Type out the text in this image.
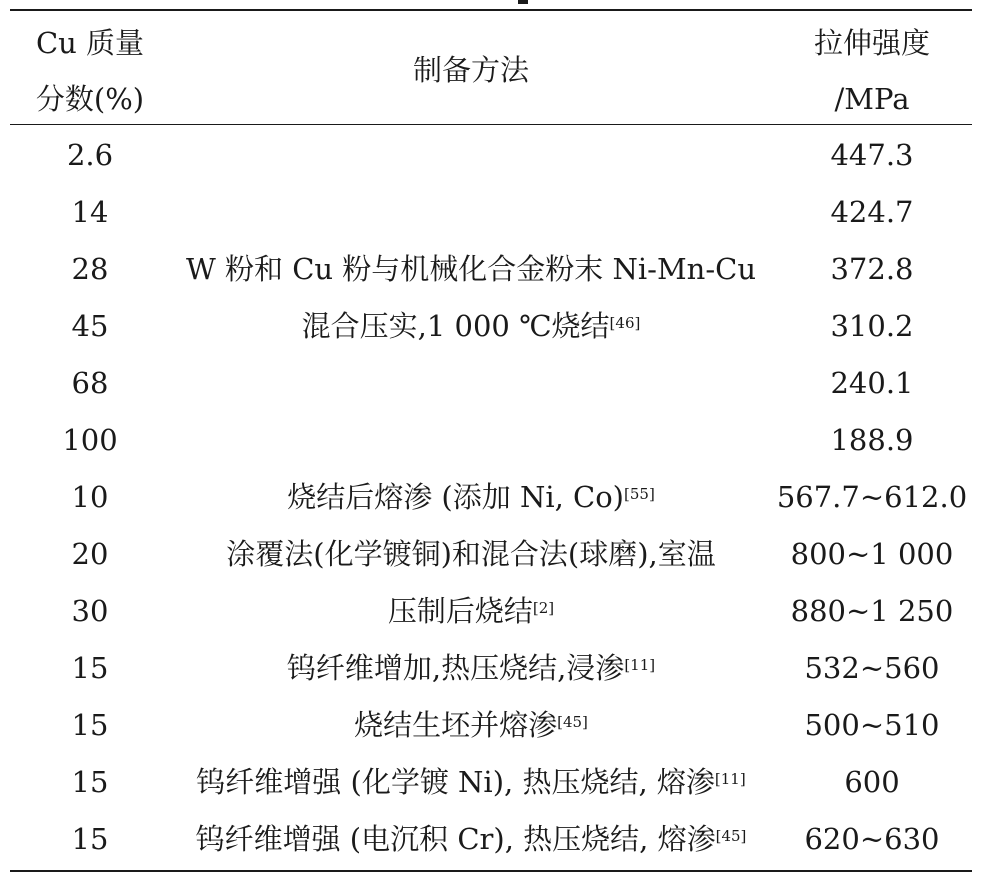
Cu 质量
分数(%)
制备方法
拉伸强度
/MPa
2.6
14
28
45
68
100
10
20
30
15
15
15
15
W 粉和 Cu 粉与机械化合金粉末 Ni-Mn-Cu
混合压实,1 000 ℃烧结[46]
烧结后熔渗 (添加 Ni, Co)[55]
涂覆法(化学镀铜)和混合法(球磨),室温
压制后烧结[2]
钨纤维增加,热压烧结,浸渗[11]
烧结生坯并熔渗[45]
钨纤维增强 (化学镀 Ni), 热压烧结, 熔渗[11]
钨纤维增强 (电沉积 Cr), 热压烧结, 熔渗[45]
447.3
424.7
372.8
310.2
240.1
188.9
567.7~612.0
800~1 000
880~1 250
532~560
500~510
600
620~630
